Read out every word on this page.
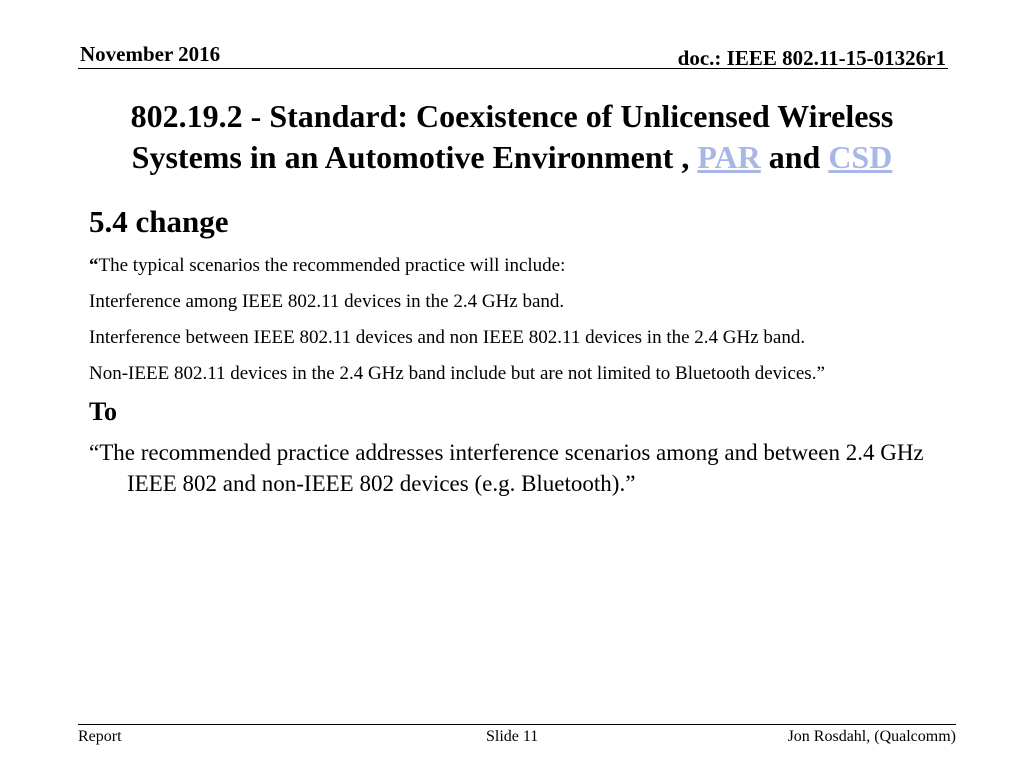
November 2016	doc.: IEEE 802.11-15-01326r1
802.19.2 - Standard: Coexistence of Unlicensed Wireless Systems in an Automotive Environment , PAR and CSD
5.4 change
“The typical scenarios the recommended practice will include:
Interference among IEEE 802.11 devices in the 2.4 GHz band.
Interference between IEEE 802.11 devices and non IEEE 802.11 devices in the 2.4 GHz band.
Non-IEEE 802.11 devices in the 2.4 GHz band include but are not limited to Bluetooth devices.”
To
“The recommended practice addresses interference scenarios among and between 2.4 GHz IEEE 802 and non-IEEE 802 devices (e.g. Bluetooth).”
Report	Slide 11	Jon Rosdahl, (Qualcomm)
